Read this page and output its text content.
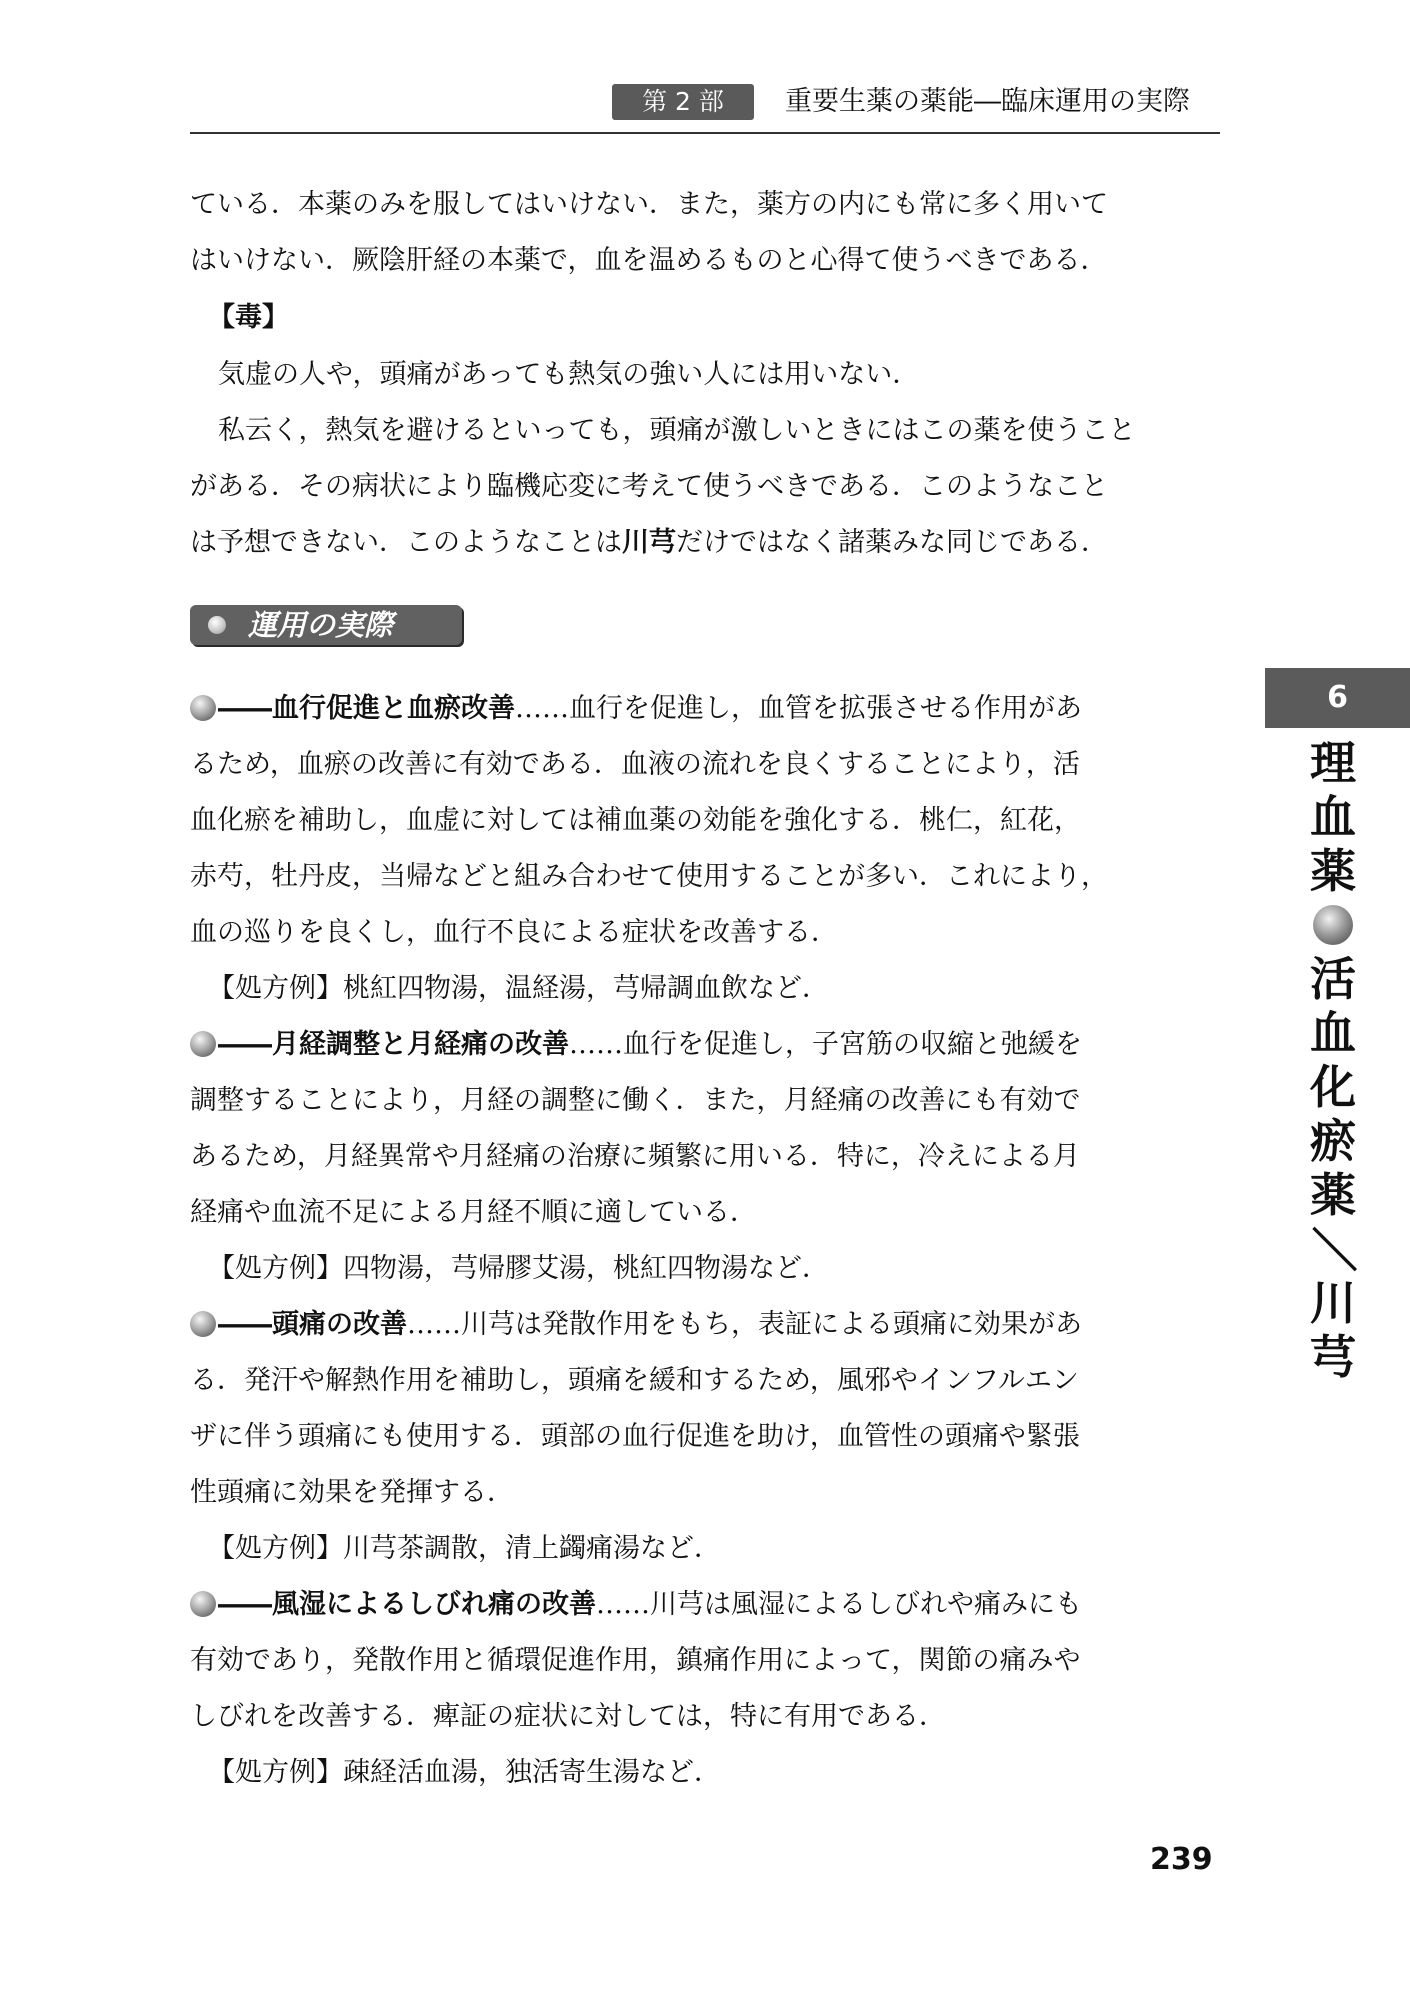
第 2 部	重要生薬の薬能―臨床運用の実際
6
理
血
薬
活
血
化
瘀
薬
／
川
芎
ている．本薬のみを服してはいけない．また，薬方の内にも常に多く用いて
はいけない．厥陰肝経の本薬で，血を温めるものと心得て使うべきである．
【毒】
気虚の人や，頭痛があっても熱気の強い人には用いない．
私云く，熱気を避けるといっても，頭痛が激しいときにはこの薬を使うこと
がある．その病状により臨機応変に考えて使うべきである．このようなこと
は予想できない．このようなことは川芎だけではなく諸薬みな同じである．
運用の実際
――血行促進と血瘀改善……血行を促進し，血管を拡張させる作用があ
るため，血瘀の改善に有効である．血液の流れを良くすることにより，活
血化瘀を補助し，血虚に対しては補血薬の効能を強化する．桃仁，紅花，
赤芍，牡丹皮，当帰などと組み合わせて使用することが多い．これにより，
血の巡りを良くし，血行不良による症状を改善する．
【処方例】桃紅四物湯，温経湯，芎帰調血飲など．
――月経調整と月経痛の改善……血行を促進し，子宮筋の収縮と弛緩を
調整することにより，月経の調整に働く．また，月経痛の改善にも有効で
あるため，月経異常や月経痛の治療に頻繁に用いる．特に，冷えによる月
経痛や血流不足による月経不順に適している．
【処方例】四物湯，芎帰膠艾湯，桃紅四物湯など．
――頭痛の改善……川芎は発散作用をもち，表証による頭痛に効果があ
る．発汗や解熱作用を補助し，頭痛を緩和するため，風邪やインフルエン
ザに伴う頭痛にも使用する．頭部の血行促進を助け，血管性の頭痛や緊張
性頭痛に効果を発揮する．
【処方例】川芎茶調散，清上蠲痛湯など．
――風湿によるしびれ痛の改善……川芎は風湿によるしびれや痛みにも
有効であり，発散作用と循環促進作用，鎮痛作用によって，関節の痛みや
しびれを改善する．痺証の症状に対しては，特に有用である．
【処方例】疎経活血湯，独活寄生湯など．
239
